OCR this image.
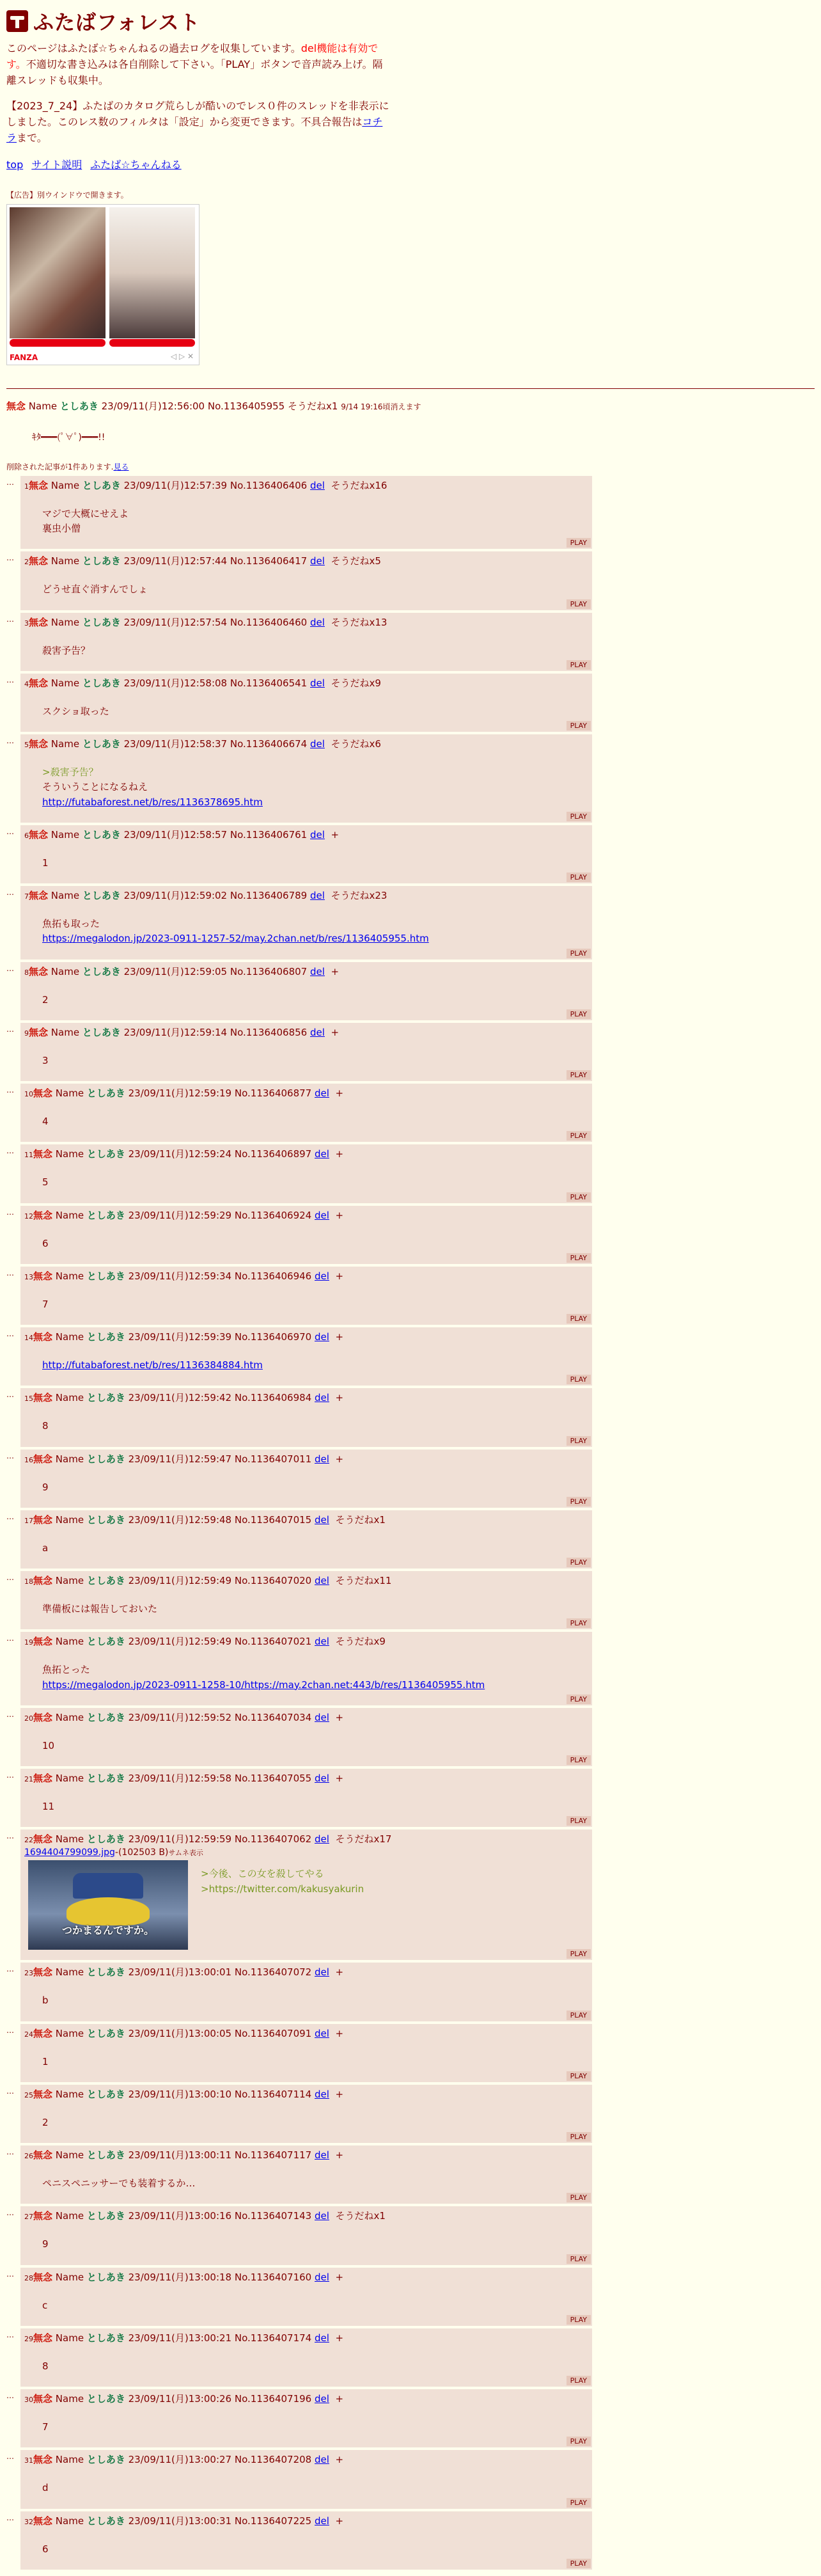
ふたばフォレスト

このページはふたば☆ちゃんねるの過去ログを収集しています。del機能は有効です。不適切な書き込みは各自削除して下さい。「PLAY」ボタンで音声読み上げ。隔離スレッドも収集中。

【2023_7_24】ふたばのカタログ荒らしが酷いのでレス０件のスレッドを非表示にしました。このレス数のフィルタは「設定」から変更できます。不具合報告はコチラまで。

top サイト説明 ふたば☆ちゃんねる
【広告】別ウインドウで開きます。
FANZA	◁ ▷ ✕
無念 Name としあき 23/09/11(月)12:56:00 No.1136405955 そうだねx1 9/14 19:16頃消えます
ｷﾀ━━━(ﾟ∀ﾟ)━━━!!
削除された記事が1件あります.見る
…	1無念 Name としあき 23/09/11(月)12:57:39 No.1136406406 del そうだねx16
マジで大概にせえよ
裏虫小僧
PLAY
…	2無念 Name としあき 23/09/11(月)12:57:44 No.1136406417 del そうだねx5
どうせ直ぐ消すんでしょ
PLAY
…	3無念 Name としあき 23/09/11(月)12:57:54 No.1136406460 del そうだねx13
殺害予告？
PLAY
…	4無念 Name としあき 23/09/11(月)12:58:08 No.1136406541 del そうだねx9
スクショ取った
PLAY
…	5無念 Name としあき 23/09/11(月)12:58:37 No.1136406674 del そうだねx6
>殺害予告？
そういうことになるねえ
http://futabaforest.net/b/res/1136378695.htm
PLAY
…	6無念 Name としあき 23/09/11(月)12:58:57 No.1136406761 del +
1
PLAY
…	7無念 Name としあき 23/09/11(月)12:59:02 No.1136406789 del そうだねx23
魚拓も取った
https://megalodon.jp/2023-0911-1257-52/may.2chan.net/b/res/1136405955.htm
PLAY
…	8無念 Name としあき 23/09/11(月)12:59:05 No.1136406807 del +
2
PLAY
…	9無念 Name としあき 23/09/11(月)12:59:14 No.1136406856 del +
3
PLAY
…	10無念 Name としあき 23/09/11(月)12:59:19 No.1136406877 del +
4
PLAY
…	11無念 Name としあき 23/09/11(月)12:59:24 No.1136406897 del +
5
PLAY
…	12無念 Name としあき 23/09/11(月)12:59:29 No.1136406924 del +
6
PLAY
…	13無念 Name としあき 23/09/11(月)12:59:34 No.1136406946 del +
7
PLAY
…	14無念 Name としあき 23/09/11(月)12:59:39 No.1136406970 del +
http://futabaforest.net/b/res/1136384884.htm
PLAY
…	15無念 Name としあき 23/09/11(月)12:59:42 No.1136406984 del +
8
PLAY
…	16無念 Name としあき 23/09/11(月)12:59:47 No.1136407011 del +
9
PLAY
…	17無念 Name としあき 23/09/11(月)12:59:48 No.1136407015 del そうだねx1
a
PLAY
…	18無念 Name としあき 23/09/11(月)12:59:49 No.1136407020 del そうだねx11
準備板には報告しておいた
PLAY
…	19無念 Name としあき 23/09/11(月)12:59:49 No.1136407021 del そうだねx9
魚拓とった
https://megalodon.jp/2023-0911-1258-10/https://may.2chan.net:443/b/res/1136405955.htm
PLAY
…	20無念 Name としあき 23/09/11(月)12:59:52 No.1136407034 del +
10
PLAY
…	21無念 Name としあき 23/09/11(月)12:59:58 No.1136407055 del +
11
PLAY
…	22無念 Name としあき 23/09/11(月)12:59:59 No.1136407062 del そうだねx17
1694404799099.jpg-(102503 B)サムネ表示
つかまるんですか。
>今後、この女を殺してやる
>https://twitter.com/kakusyakurin
PLAY
…	23無念 Name としあき 23/09/11(月)13:00:01 No.1136407072 del +
b
PLAY
…	24無念 Name としあき 23/09/11(月)13:00:05 No.1136407091 del +
1
PLAY
…	25無念 Name としあき 23/09/11(月)13:00:10 No.1136407114 del +
2
PLAY
…	26無念 Name としあき 23/09/11(月)13:00:11 No.1136407117 del +
ペニスペニッサーでも装着するか…
PLAY
…	27無念 Name としあき 23/09/11(月)13:00:16 No.1136407143 del そうだねx1
9
PLAY
…	28無念 Name としあき 23/09/11(月)13:00:18 No.1136407160 del +
c
PLAY
…	29無念 Name としあき 23/09/11(月)13:00:21 No.1136407174 del +
8
PLAY
…	30無念 Name としあき 23/09/11(月)13:00:26 No.1136407196 del +
7
PLAY
…	31無念 Name としあき 23/09/11(月)13:00:27 No.1136407208 del +
d
PLAY
…	32無念 Name としあき 23/09/11(月)13:00:31 No.1136407225 del +
6
PLAY
